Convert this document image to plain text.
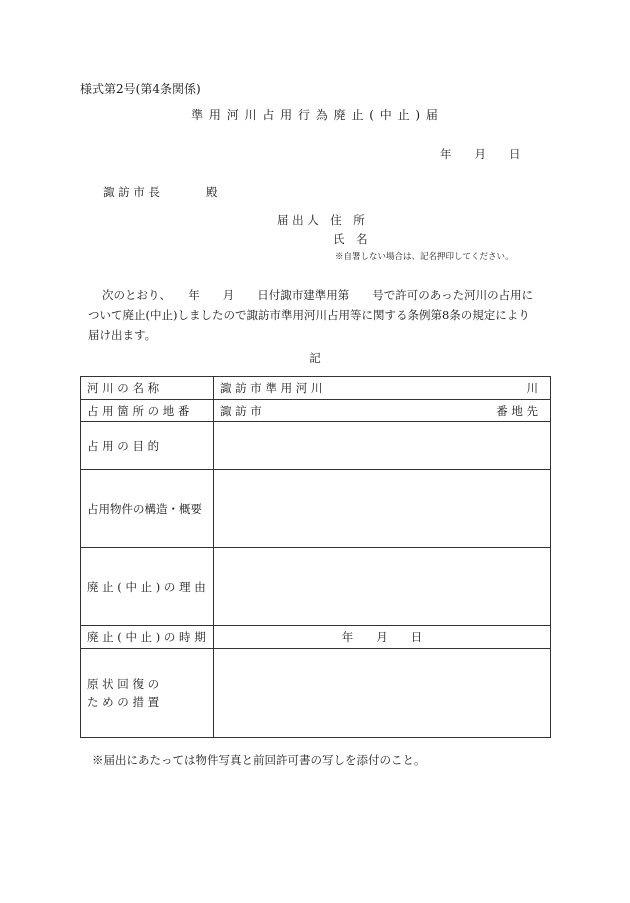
様式第2号(第4条関係)
準 用 河 川 占 用 行 為 廃 止 ( 中 止 ) 届
年　　月　　日
諏 訪 市 長　　　　殿
届 出 人　住　所
氏　名
※自署しない場合は、記名押印してください。
次のとおり、　　年　　月　　日付諏市建準用第　　号で許可のあった河川の占用に
ついて廃止(中止)しましたので諏訪市準用河川占用等に関する条例第8条の規定により
届け出ます。
記
河 川 の 名 称	諏 訪 市 準 用 河 川 川

占 用 箇 所 の 地 番	諏 訪 市 番 地 先

占 用 の 目 的	
占用物件の構造・概要	
廃 止 ( 中 止 ) の 理 由	
廃 止 ( 中 止 ) の 時 期	年　　月　　日

原 状 回 復 の
た め の 措 置	

※届出にあたっては物件写真と前回許可書の写しを添付のこと。
